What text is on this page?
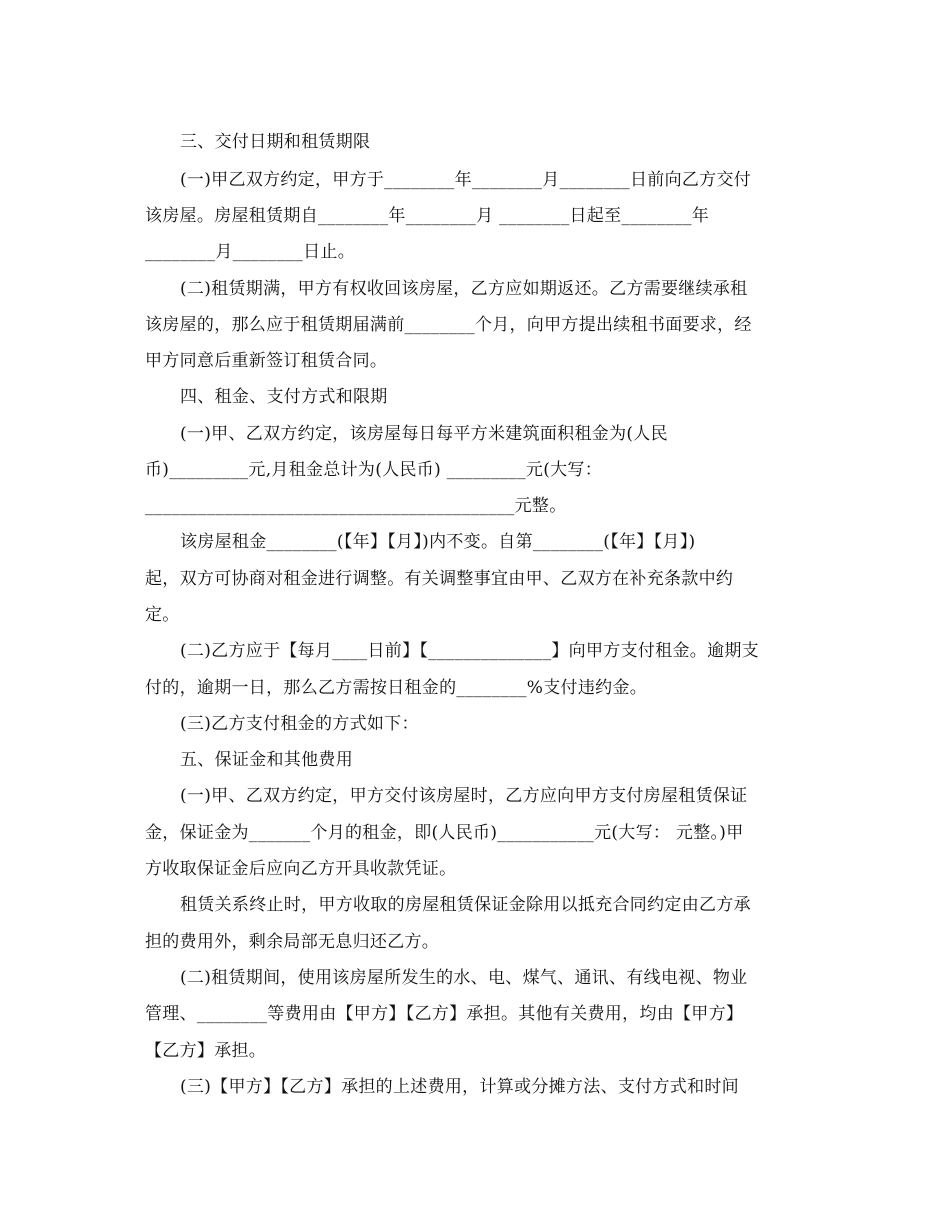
三、交付日期和租赁期限
(一)甲乙双方约定，甲方于________年________月________日前向乙方交付
该房屋。房屋租赁期自________年________月 ________日起至________年
________月________日止。
(二)租赁期满，甲方有权收回该房屋，乙方应如期返还。乙方需要继续承租
该房屋的，那么应于租赁期届满前________个月，向甲方提出续租书面要求，经
甲方同意后重新签订租赁合同。
四、租金、支付方式和限期
(一)甲、乙双方约定，该房屋每日每平方米建筑面积租金为(人民
币)_________元,月租金总计为(人民币) _________元(大写：
__________________________________________元整。
该房屋租金________(【年】【月】)内不变。自第________(【年】【月】)
起，双方可协商对租金进行调整。有关调整事宜由甲、乙双方在补充条款中约
定。
(二)乙方应于【每月____日前】【______________】向甲方支付租金。逾期支
付的，逾期一日，那么乙方需按日租金的________%支付违约金。
(三)乙方支付租金的方式如下：
五、保证金和其他费用
(一)甲、乙双方约定，甲方交付该房屋时，乙方应向甲方支付房屋租赁保证
金，保证金为_______个月的租金，即(人民币)___________元(大写： 元整。)甲
方收取保证金后应向乙方开具收款凭证。
租赁关系终止时，甲方收取的房屋租赁保证金除用以抵充合同约定由乙方承
担的费用外，剩余局部无息归还乙方。
(二)租赁期间，使用该房屋所发生的水、电、煤气、通讯、有线电视、物业
管理、________等费用由【甲方】【乙方】承担。其他有关费用，均由【甲方】
【乙方】承担。
(三)【甲方】【乙方】承担的上述费用，计算或分摊方法、支付方式和时间
